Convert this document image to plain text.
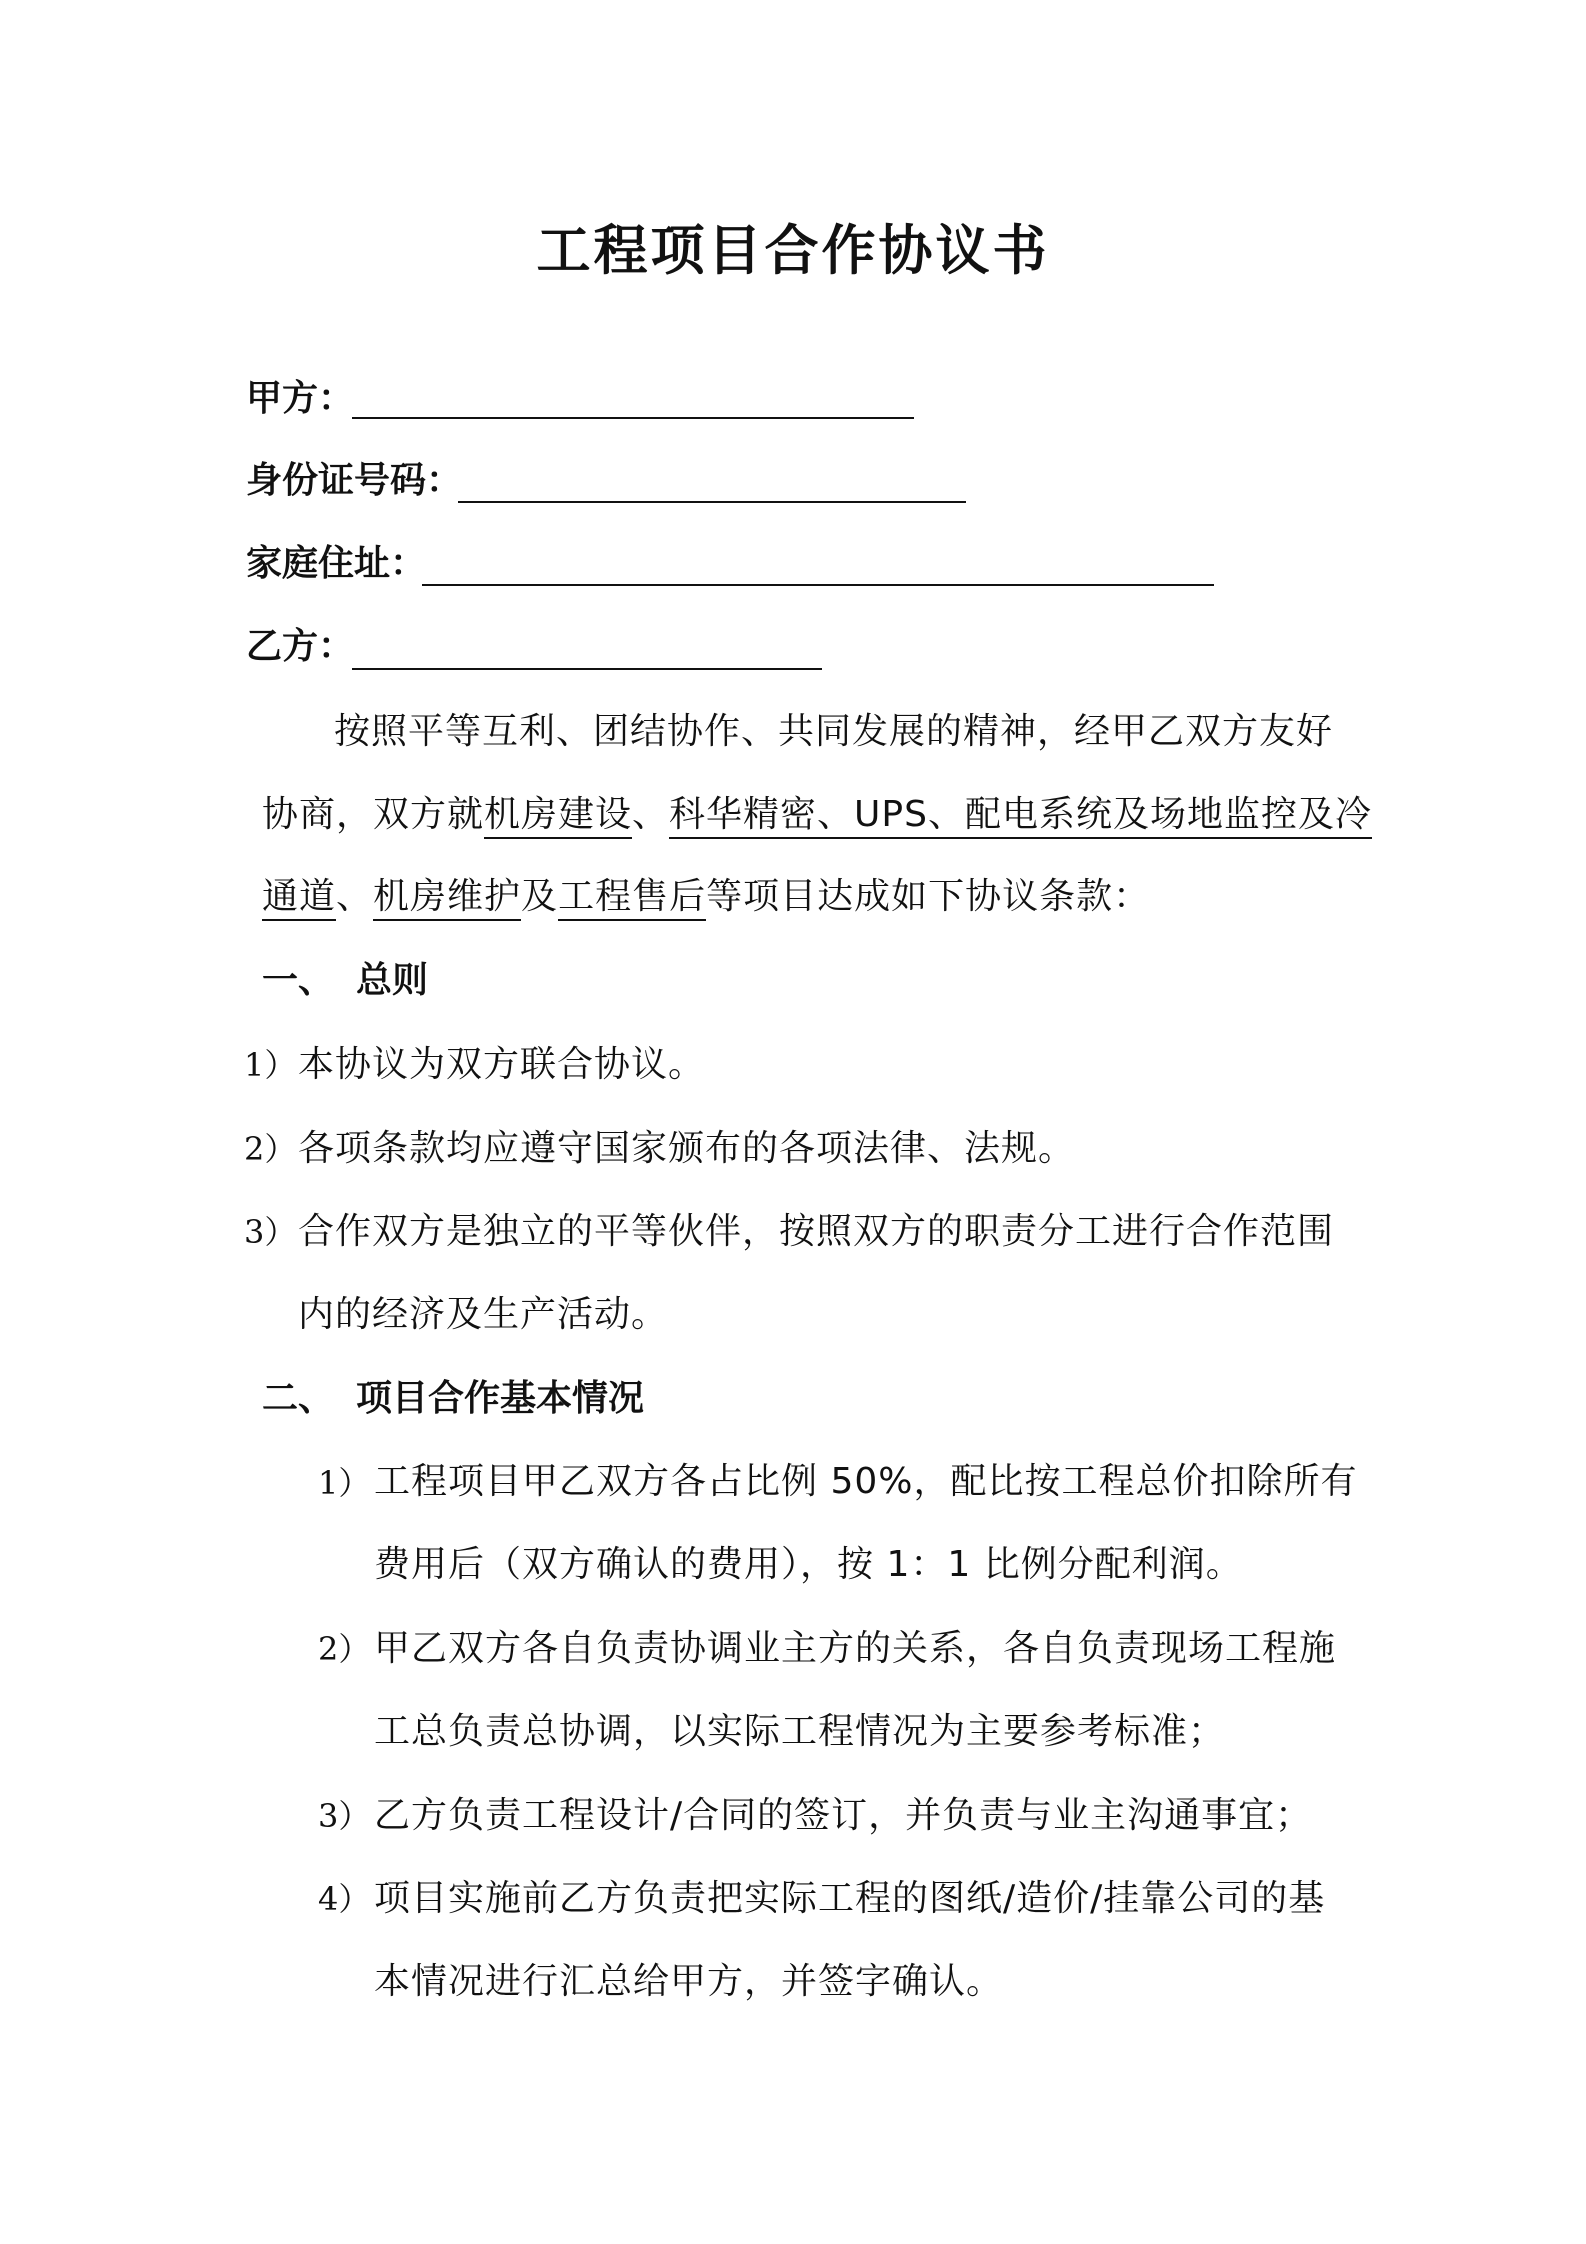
工程项目合作协议书
甲方：
身份证号码：
家庭住址：
乙方：
按照平等互利、团结协作、共同发展的精神，经甲乙双方友好
协商，双方就机房建设、科华精密、UPS、配电系统及场地监控及冷
通道、机房维护及工程售后等项目达成如下协议条款：
一、 总则
1） 本协议为双方联合协议。
2） 各项条款均应遵守国家颁布的各项法律、法规。
3） 合作双方是独立的平等伙伴，按照双方的职责分工进行合作范围
内的经济及生产活动。
二、 项目合作基本情况
1） 工程项目甲乙双方各占比例 50%，配比按工程总价扣除所有
费用后（双方确认的费用），按 1：1 比例分配利润。
2） 甲乙双方各自负责协调业主方的关系，各自负责现场工程施
工总负责总协调，以实际工程情况为主要参考标准；
3） 乙方负责工程设计/合同的签订，并负责与业主沟通事宜；
4） 项目实施前乙方负责把实际工程的图纸/造价/挂靠公司的基
本情况进行汇总给甲方，并签字确认。
